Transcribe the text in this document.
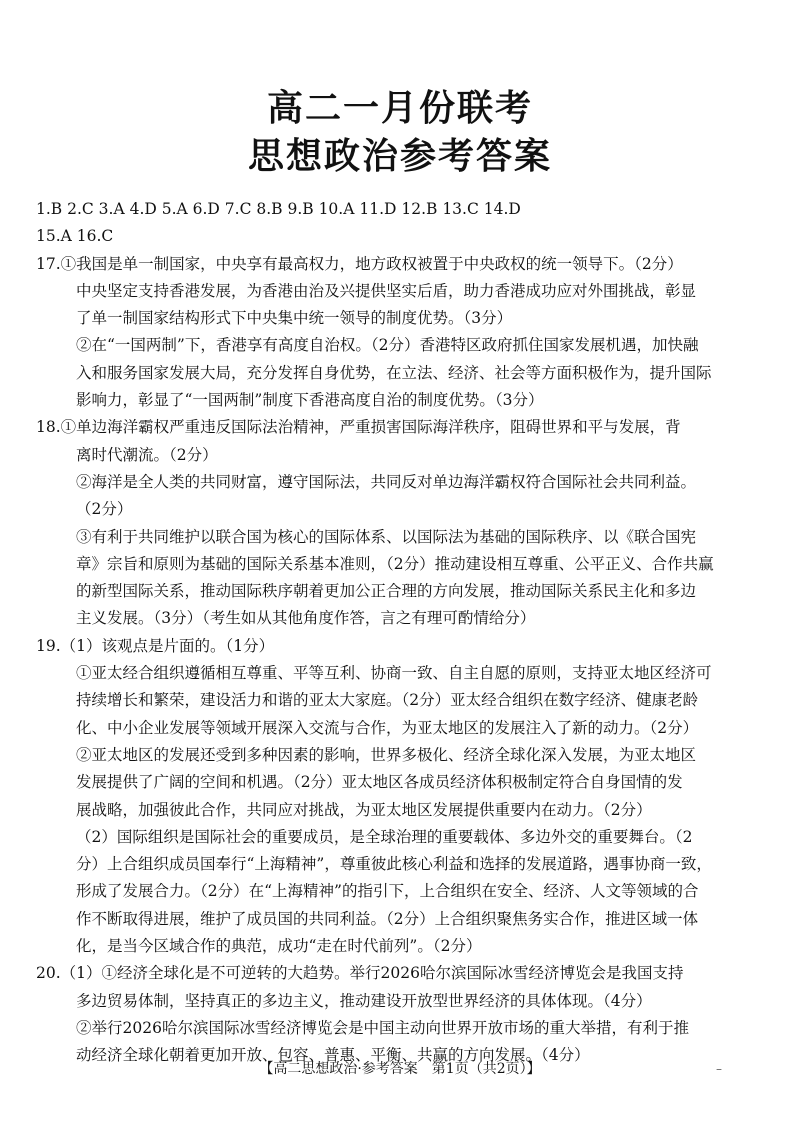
高二一月份联考
思想政治参考答案
1.B 2.C 3.A 4.D 5.A 6.D 7.C 8.B 9.B 10.A 11.D 12.B 13.C 14.D
15.A 16.C
17.①我国是单一制国家，中央享有最高权力，地方政权被置于中央政权的统一领导下。（2分）
中央坚定支持香港发展，为香港由治及兴提供坚实后盾，助力香港成功应对外围挑战，彰显
了单一制国家结构形式下中央集中统一领导的制度优势。（3分）
②在“一国两制”下，香港享有高度自治权。（2分）香港特区政府抓住国家发展机遇，加快融
入和服务国家发展大局，充分发挥自身优势，在立法、经济、社会等方面积极作为，提升国际
影响力，彰显了“一国两制”制度下香港高度自治的制度优势。（3分）
18.①单边海洋霸权严重违反国际法治精神，严重损害国际海洋秩序，阻碍世界和平与发展，背
离时代潮流。（2分）
②海洋是全人类的共同财富，遵守国际法，共同反对单边海洋霸权符合国际社会共同利益。
（2分）
③有利于共同维护以联合国为核心的国际体系、以国际法为基础的国际秩序、以《联合国宪
章》宗旨和原则为基础的国际关系基本准则，（2分）推动建设相互尊重、公平正义、合作共赢
的新型国际关系，推动国际秩序朝着更加公正合理的方向发展，推动国际关系民主化和多边
主义发展。（3分）（考生如从其他角度作答，言之有理可酌情给分）
19.（1）该观点是片面的。（1分）
①亚太经合组织遵循相互尊重、平等互利、协商一致、自主自愿的原则，支持亚太地区经济可
持续增长和繁荣，建设活力和谐的亚太大家庭。（2分）亚太经合组织在数字经济、健康老龄
化、中小企业发展等领域开展深入交流与合作，为亚太地区的发展注入了新的动力。（2分）
②亚太地区的发展还受到多种因素的影响，世界多极化、经济全球化深入发展，为亚太地区
发展提供了广阔的空间和机遇。（2分）亚太地区各成员经济体积极制定符合自身国情的发
展战略，加强彼此合作，共同应对挑战，为亚太地区发展提供重要内在动力。（2分）
（2）国际组织是国际社会的重要成员，是全球治理的重要载体、多边外交的重要舞台。（2
分）上合组织成员国奉行“上海精神”，尊重彼此核心利益和选择的发展道路，遇事协商一致，
形成了发展合力。（2分）在“上海精神”的指引下，上合组织在安全、经济、人文等领域的合
作不断取得进展，维护了成员国的共同利益。（2分）上合组织聚焦务实合作，推进区域一体
化，是当今区域合作的典范，成功“走在时代前列”。（2分）
20.（1）①经济全球化是不可逆转的大趋势。举行2026哈尔滨国际冰雪经济博览会是我国支持
多边贸易体制，坚持真正的多边主义，推动建设开放型世界经济的具体体现。（4分）
②举行2026哈尔滨国际冰雪经济博览会是中国主动向世界开放市场的重大举措，有利于推
动经济全球化朝着更加开放、包容、普惠、平衡、共赢的方向发展。（4分）
【高二思想政治·参考答案　第1页（共2页）】	–
